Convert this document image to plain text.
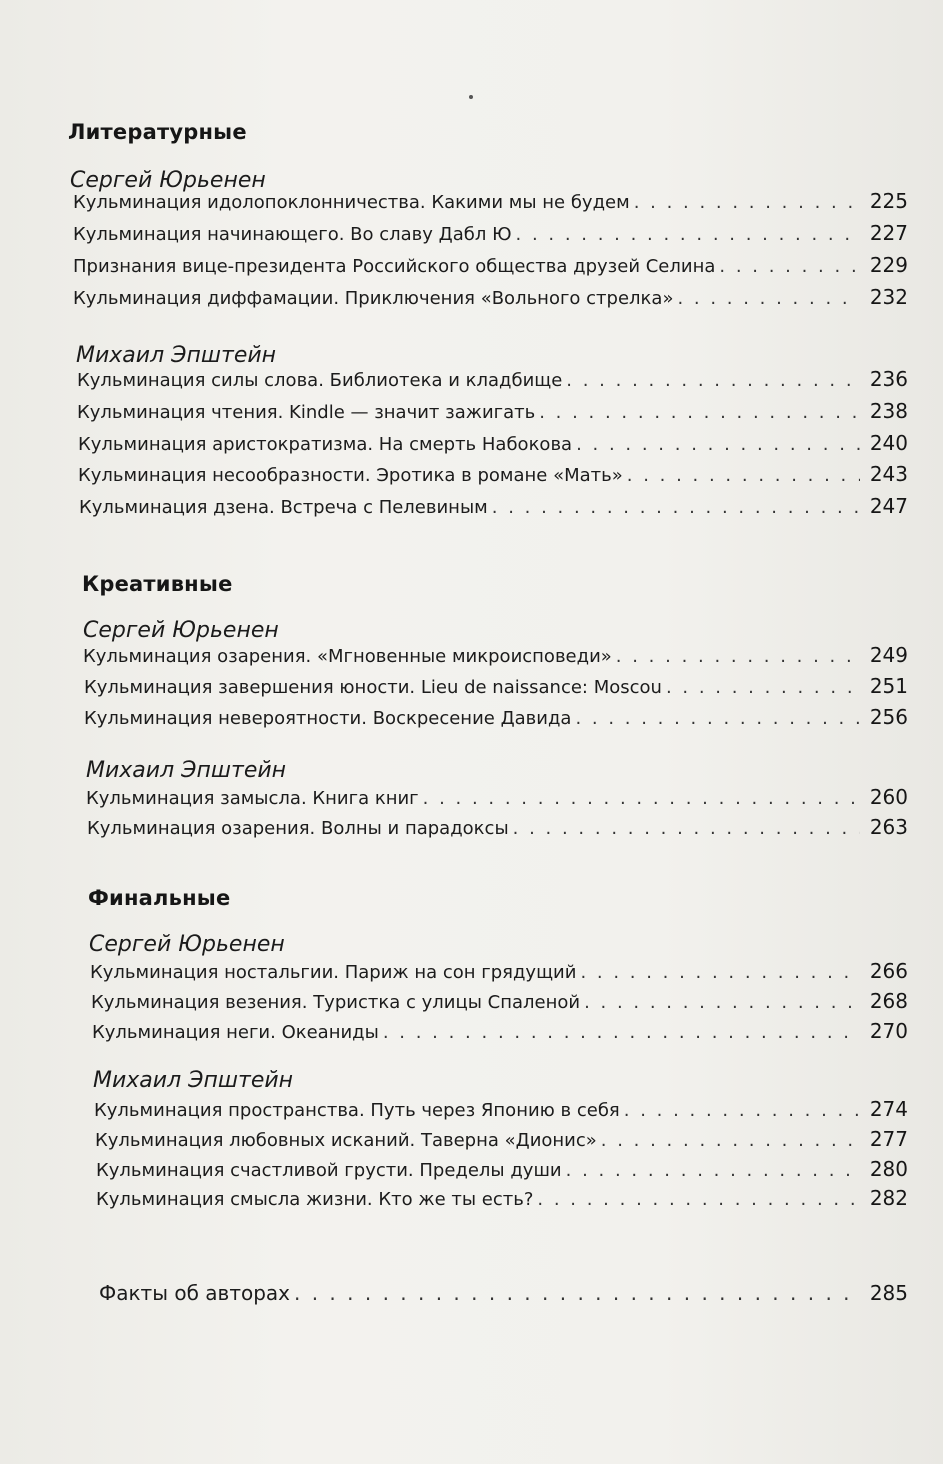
Литературные
Сергей Юрьенен
Кульминация идолопоклонничества. Какими мы не будем . . .	225
Кульминация начинающего. Во славу Дабл Ю . . .	227
Признания вице-президента Российского общества друзей Селина . . .	229
Кульминация диффамации. Приключения «Вольного стрелка» . . .	232
Михаил Эпштейн
Кульминация силы слова. Библиотека и кладбище . . .	236
Кульминация чтения. Kindle — значит зажигать . . .	238
Кульминация аристократизма. На смерть Набокова . . .	240
Кульминация несообразности. Эротика в романе «Мать» . . .	243
Кульминация дзена. Встреча с Пелевиным . . .	247
Креативные
Сергей Юрьенен
Кульминация озарения. «Мгновенные микроисповеди» . . .	249
Кульминация завершения юности. Lieu de naissance: Moscou . . .	251
Кульминация невероятности. Воскресение Давида . . .	256
Михаил Эпштейн
Кульминация замысла. Книга книг . . .	260
Кульминация озарения. Волны и парадоксы . . .	263
Финальные
Сергей Юрьенен
Кульминация ностальгии. Париж на сон грядущий . . .	266
Кульминация везения. Туристка с улицы Спаленой . . .	268
Кульминация неги. Океаниды . . .	270
Михаил Эпштейн
Кульминация пространства. Путь через Японию в себя . . .	274
Кульминация любовных исканий. Таверна «Дионис» . . .	277
Кульминация счастливой грусти. Пределы души . . .	280
Кульминация смысла жизни. Кто же ты есть? . . .	282
Факты об авторах . . .	285
